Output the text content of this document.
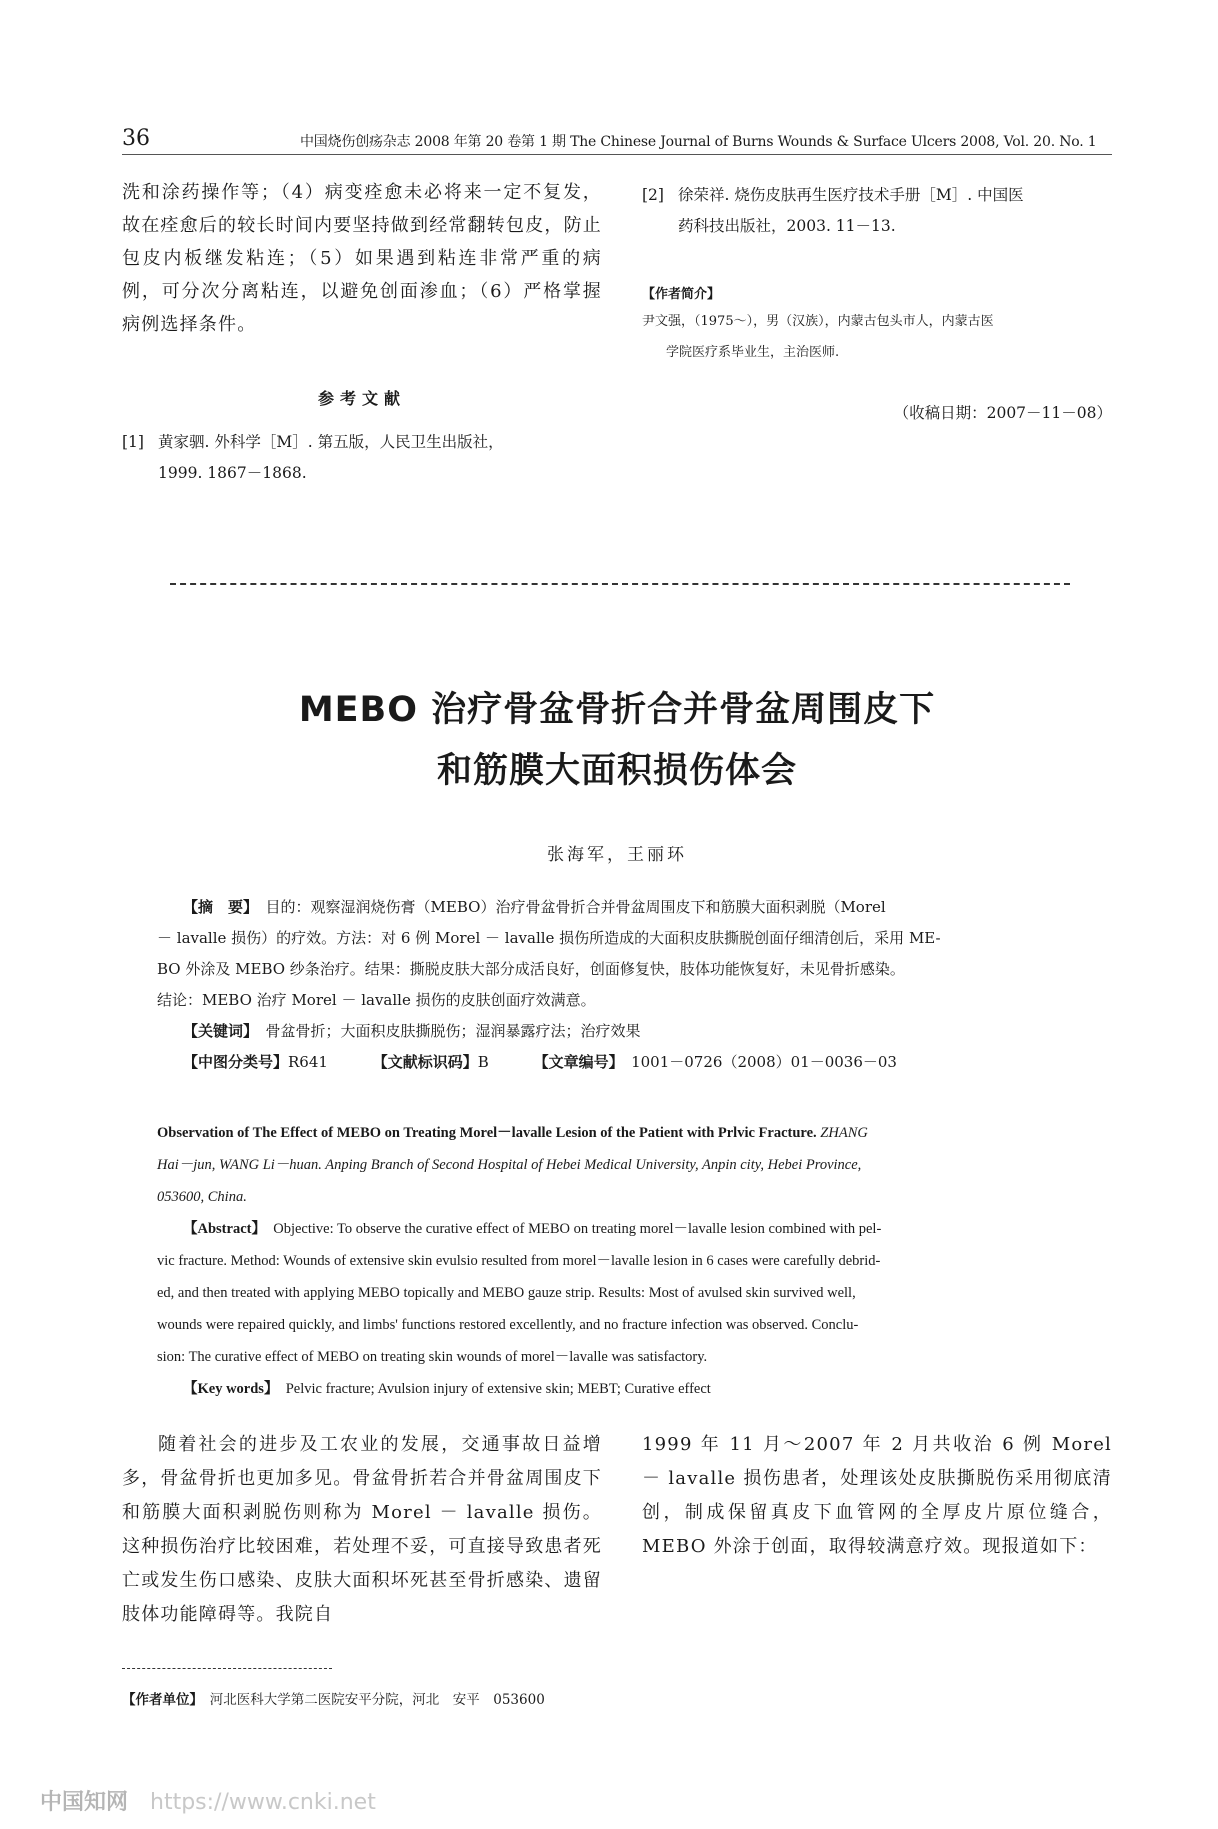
36	中国烧伤创疡杂志 2008 年第 20 卷第 1 期 The Chinese Journal of Burns Wounds & Surface Ulcers 2008, Vol. 20. No. 1
洗和涂药操作等；（4）病变痊愈未必将来一定不复发，故在痊愈后的较长时间内要坚持做到经常翻转包皮，防止包皮内板继发粘连；（5）如果遇到粘连非常严重的病例，可分次分离粘连，以避免创面渗血；（6）严格掌握病例选择条件。
参考文献
[1] 黄家驷. 外科学［M］. 第五版，人民卫生出版社，
1999. 1867－1868.
[2] 徐荣祥. 烧伤皮肤再生医疗技术手册［M］. 中国医
药科技出版社，2003. 11－13.
【作者简介】
尹文强，（1975～），男（汉族），内蒙古包头市人，内蒙古医
学院医疗系毕业生，主治医师.
（收稿日期：2007－11－08）
MEBO 治疗骨盆骨折合并骨盆周围皮下
和筋膜大面积损伤体会
张海军，王丽环
【摘　要】　 目的：观察湿润烧伤膏（MEBO）治疗骨盆骨折合并骨盆周围皮下和筋膜大面积剥脱（Morel
－ lavalle 损伤）的疗效。方法：对 6 例 Morel － lavalle 损伤所造成的大面积皮肤撕脱创面仔细清创后，采用 ME-
BO 外涂及 MEBO 纱条治疗。结果：撕脱皮肤大部分成活良好，创面修复快，肢体功能恢复好，未见骨折感染。
结论：MEBO 治疗 Morel － lavalle 损伤的皮肤创面疗效满意。
【关键词】　 骨盆骨折；大面积皮肤撕脱伤；湿润暴露疗法；治疗效果
【中图分类号】R641	【文献标识码】B	【文章编号】　 1001－0726（2008）01－0036－03
Observation of The Effect of MEBO on Treating Morel－lavalle Lesion of the Patient with Prlvic Fracture. ZHANG
Hai－jun, WANG Li－huan. Anping Branch of Second Hospital of Hebei Medical University, Anpin city, Hebei Province,
053600, China.
【Abstract】　 Objective: To observe the curative effect of MEBO on treating morel－lavalle lesion combined with pel-
vic fracture. Method: Wounds of extensive skin evulsio resulted from morel－lavalle lesion in 6 cases were carefully debrid-
ed, and then treated with applying MEBO topically and MEBO gauze strip. Results: Most of avulsed skin survived well,
wounds were repaired quickly, and limbs' functions restored excellently, and no fracture infection was observed. Conclu-
sion: The curative effect of MEBO on treating skin wounds of morel－lavalle was satisfactory.
【Key words】　 Pelvic fracture; Avulsion injury of extensive skin; MEBT; Curative effect
随着社会的进步及工农业的发展，交通事故日益增多，骨盆骨折也更加多见。骨盆骨折若合并骨盆周围皮下和筋膜大面积剥脱伤则称为 Morel － lavalle 损伤。这种损伤治疗比较困难，若处理不妥，可直接导致患者死亡或发生伤口感染、皮肤大面积坏死甚至骨折感染、遗留肢体功能障碍等。我院自
1999 年 11 月～2007 年 2 月共收治 6 例 Morel － lavalle 损伤患者，处理该处皮肤撕脱伤采用彻底清创，制成保留真皮下血管网的全厚皮片原位缝合，MEBO 外涂于创面，取得较满意疗效。现报道如下：
【作者单位】　 河北医科大学第二医院安平分院，河北　安平　053600
中国知网 https://www.cnki.net
